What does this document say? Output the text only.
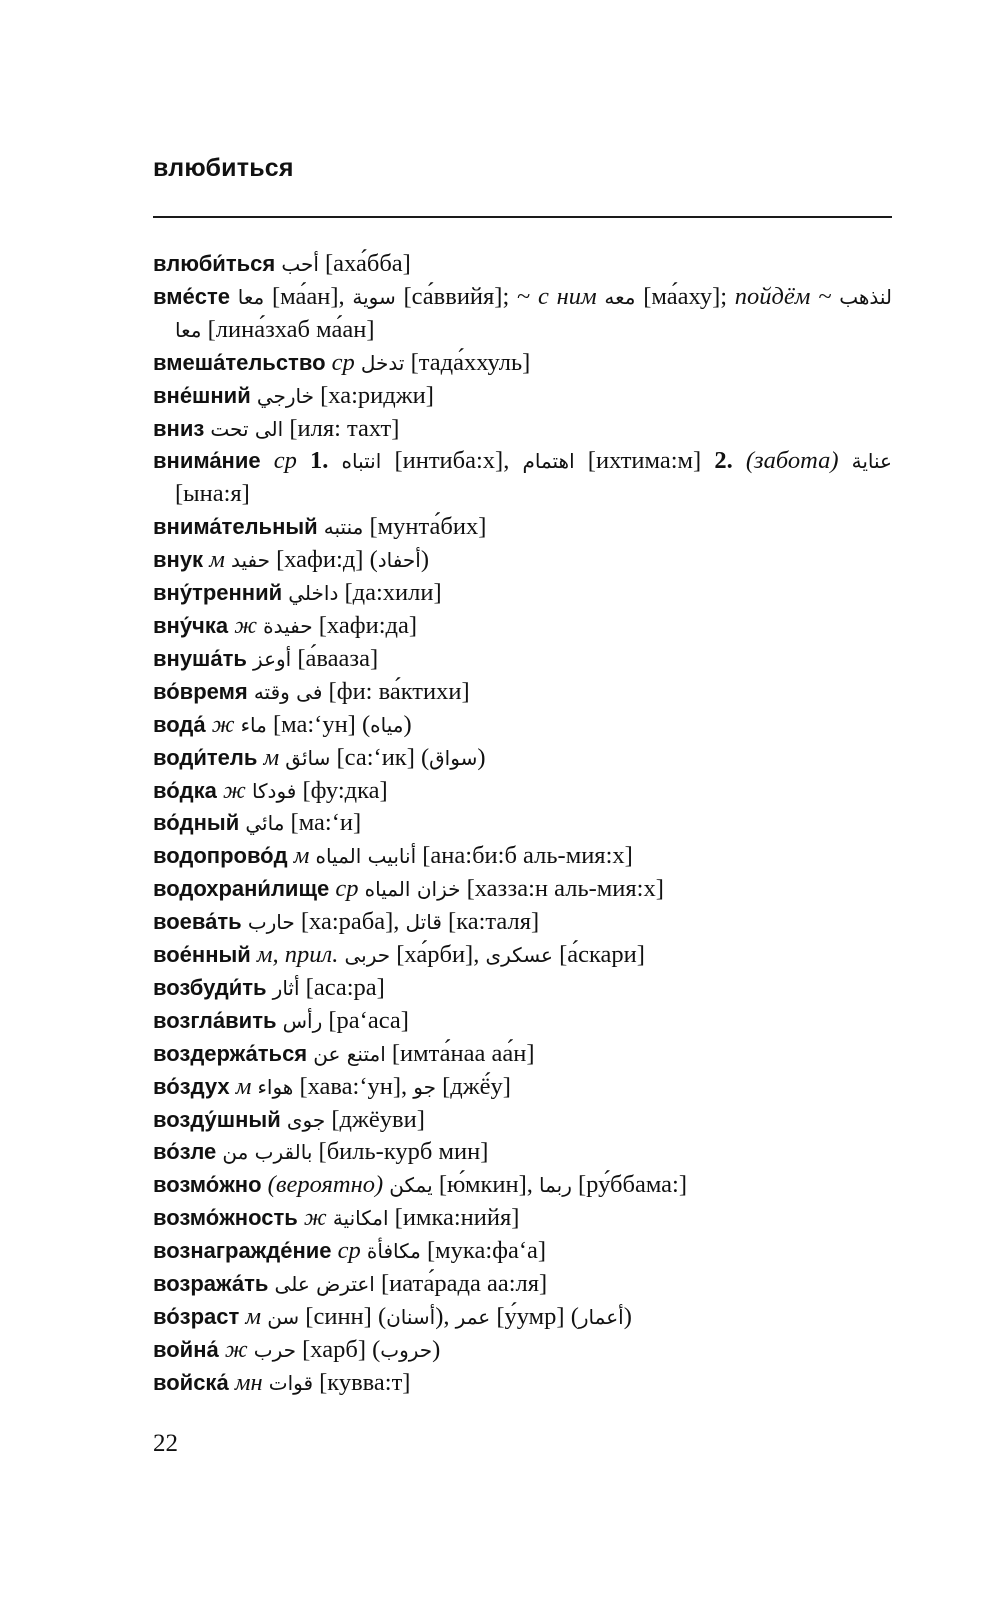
влюбиться

влюби́ться أحب [аха́бба]

вме́сте معا [ма́ан], سوية [са́ввийя]; ~ с ним معه [ма́аху]; пойдём ~ لنذهب معا [лина́зхаб ма́ан]

вмеша́тельство ср تدخل [тада́ххуль]

вне́шний خارجي [ха:риджи]

вниз الى تحت [иля: тахт]

внима́ние ср 1. انتباه [интиба:х], اهتمام [ихтима:м] 2. (забота) عناية [ына:я]

внима́тельный منتبه [мунта́бих]

внук м حفيد [хафи:д] (أحفاد)

вну́тренний داخلي [да:хили]

вну́чка ж حفيدة [хафи:да]

внуша́ть أوعز [а́вааза]

во́время فى وقته [фи: ва́ктихи]

вода́ ж ماء [ма:‘ун] (مياه)

води́тель м سائق [са:‘ик] (سواق)

во́дка ж فودكا [фу:дка]

во́дный مائي [ма:‘и]

водопрово́д м أنابيب المياه [ана:би:б аль-мия:х]

водохрани́лище ср خزان المياه [хазза:н аль-мия:х]

воева́ть حارب [ха:раба], قاتل [ка:таля]

вое́нный м, прил. حربى [ха́рби], عسكرى [а́скари]

возбуди́ть أثار [аса:ра]

возгла́вить رأس [ра‘аса]

воздержа́ться امتنع عن [имта́наа аа́н]

во́здух м هواء [хава:‘ун], جو [джё́у]

возду́шный جوى [джёуви]

во́зле بالقرب من [биль-курб мин]

возмо́жно (вероятно) يمكن [ю́мкин], ربما [ру́ббама:]

возмо́жность ж امكانية [имка:нийя]

вознагражде́ние ср مكافأة [мука:фа‘а]

возража́ть اعترض على [иата́рада аа:ля]

во́зраст м سن [синн] (أسنان), عمر [у́умр] (أعمار)

война́ ж حرب [харб] (حروب)

войска́ мн قوات [кувва:т]

22
